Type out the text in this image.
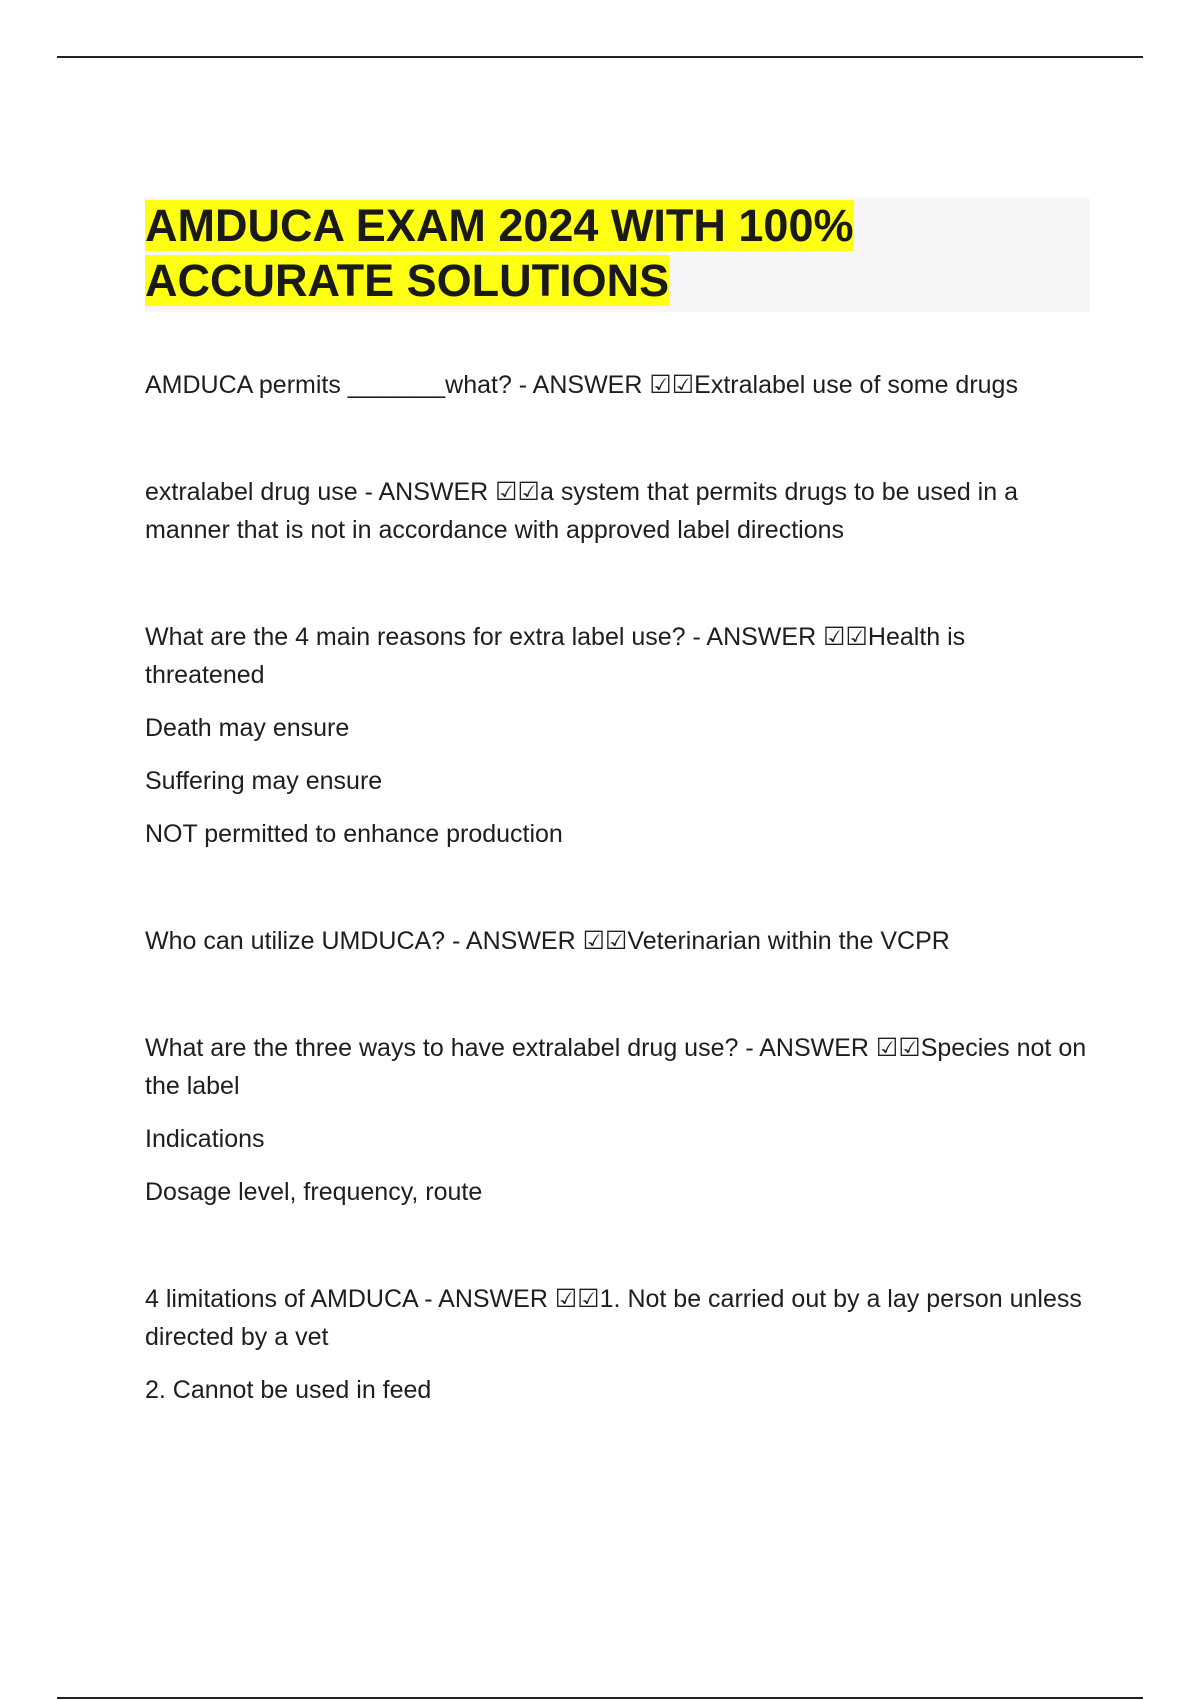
AMDUCA EXAM 2024 WITH 100%
ACCURATE SOLUTIONS
AMDUCA permits _______what? - ANSWER ☑☑Extralabel use of some drugs
extralabel drug use - ANSWER ☑☑a system that permits drugs to be used in a manner that is not in accordance with approved label directions
What are the 4 main reasons for extra label use? - ANSWER ☑☑Health is threatened
Death may ensure
Suffering may ensure
NOT permitted to enhance production
Who can utilize UMDUCA? - ANSWER ☑☑Veterinarian within the VCPR
What are the three ways to have extralabel drug use? - ANSWER ☑☑Species not on the label
Indications
Dosage level, frequency, route
4 limitations of AMDUCA - ANSWER ☑☑1. Not be carried out by a lay person unless directed by a vet
2. Cannot be used in feed
